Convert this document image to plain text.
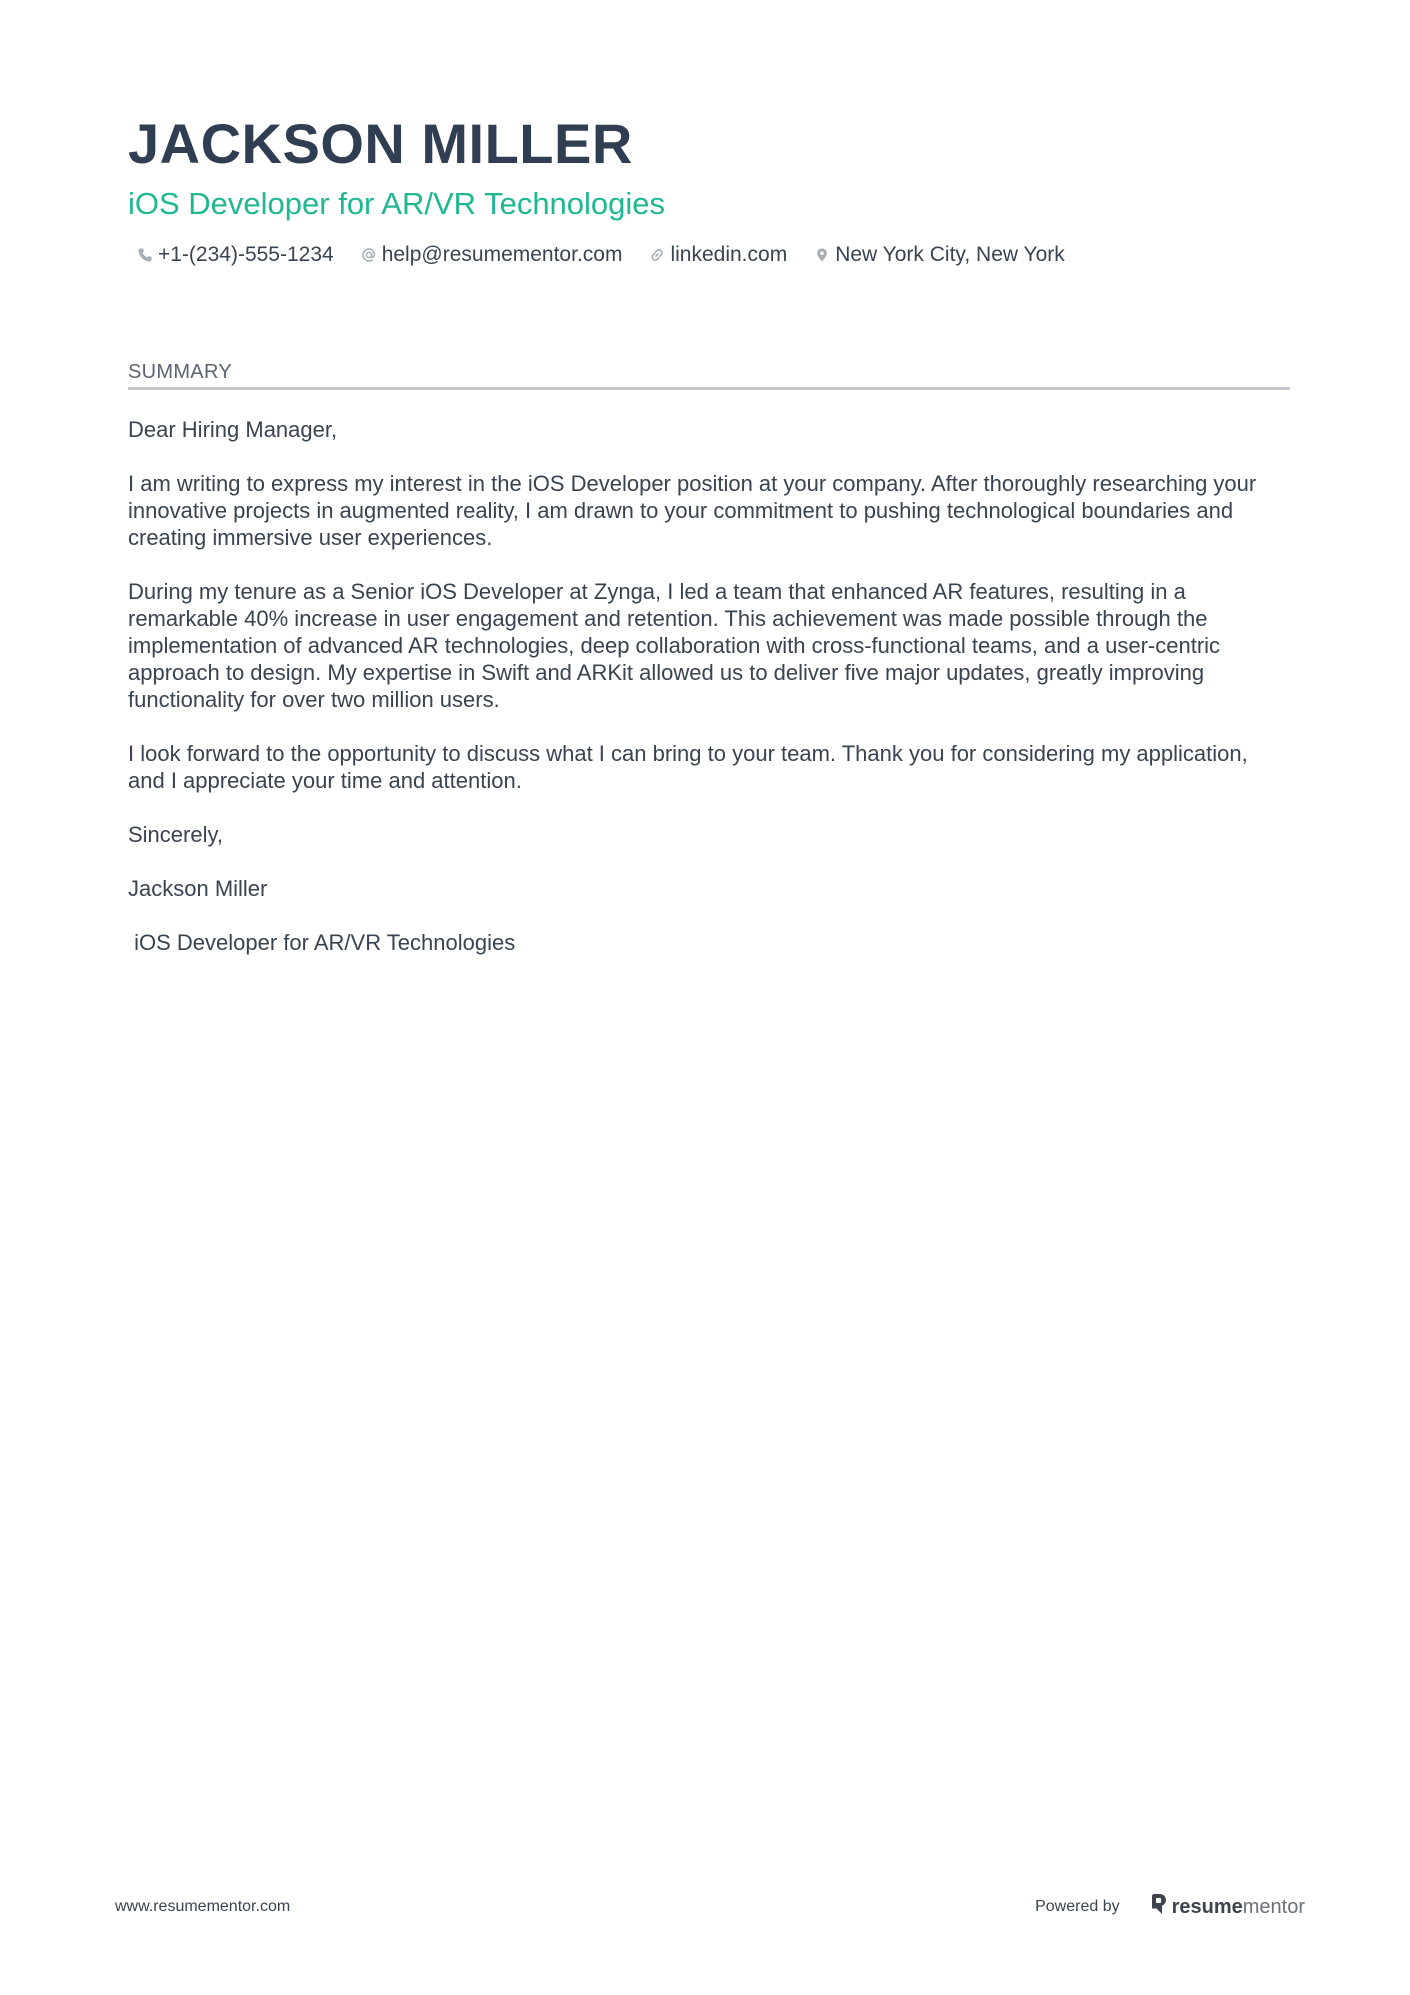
JACKSON MILLER
iOS Developer for AR/VR Technologies
+1-(234)-555-1234 help@resumementor.com linkedin.com New York City, New York
SUMMARY

Dear Hiring Manager,

I am writing to express my interest in the iOS Developer position at your company. After thoroughly researching your innovative projects in augmented reality, I am drawn to your commitment to pushing technological boundaries and creating immersive user experiences.

During my tenure as a Senior iOS Developer at Zynga, I led a team that enhanced AR features, resulting in a remarkable 40% increase in user engagement and retention. This achievement was made possible through the implementation of advanced AR technologies, deep collaboration with cross-functional teams, and a user-centric approach to design. My expertise in Swift and ARKit allowed us to deliver five major updates, greatly improving functionality for over two million users.

I look forward to the opportunity to discuss what I can bring to your team. Thank you for considering my application, and I appreciate your time and attention.

Sincerely,

Jackson Miller

iOS Developer for AR/VR Technologies

www.resumementor.com	Powered by	resume mentor
